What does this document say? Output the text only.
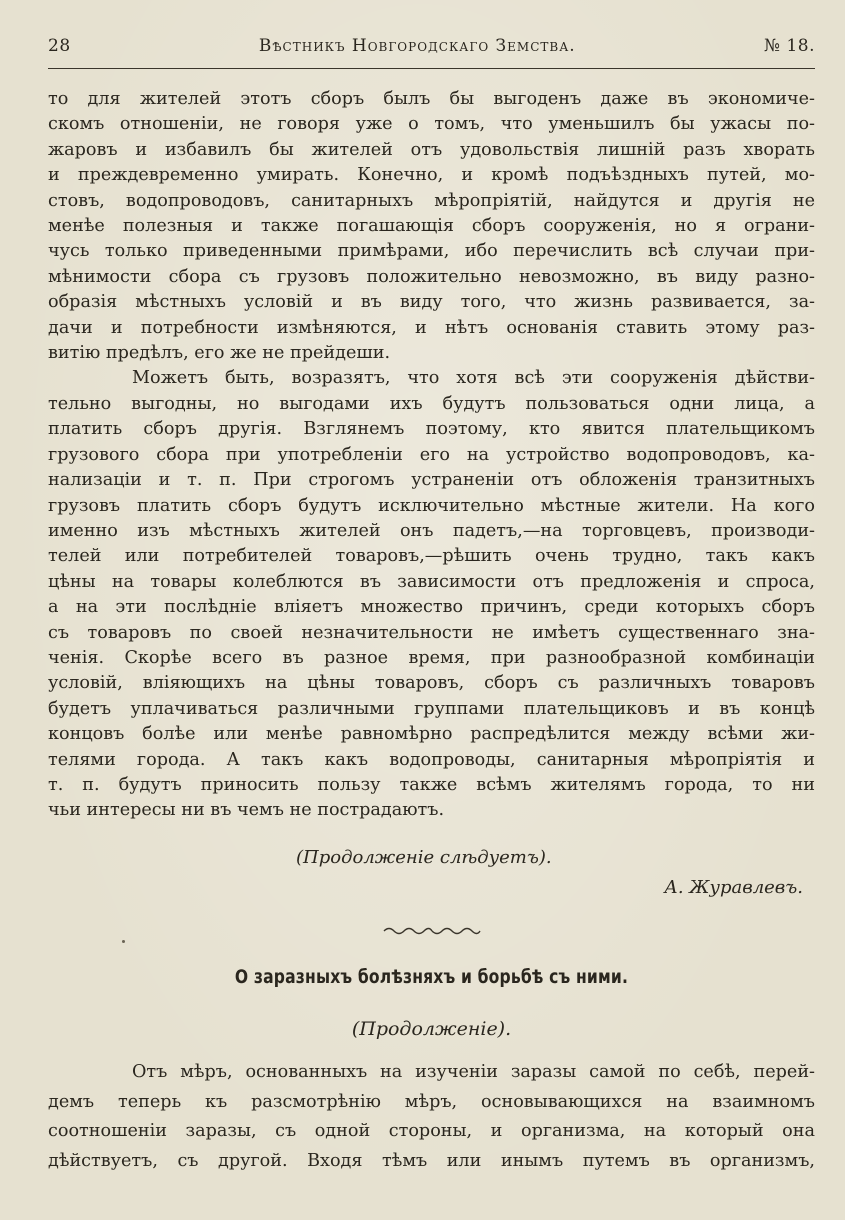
28	Вѣстникъ Новгородскаго Земства.	№ 18.
то для жителей этотъ сборъ былъ бы выгоденъ даже въ экономиче-
скомъ отношеніи, не говоря уже о томъ, что уменьшилъ бы ужасы по-
жаровъ и избавилъ бы жителей отъ удовольствія лишній разъ хворать
и преждевременно умирать. Конечно, и кромѣ подъѣздныхъ путей, мо-
стовъ, водопроводовъ, санитарныхъ мѣропріятій, найдутся и другія не
менѣе полезныя и также погашающія сборъ сооруженія, но я ограни-
чусь только приведенными примѣрами, ибо перечислить всѣ случаи при-
мѣнимости сбора съ грузовъ положительно невозможно, въ виду разно-
образія мѣстныхъ условій и въ виду того, что жизнь развивается, за-
дачи и потребности измѣняются, и нѣтъ основанія ставить этому раз-
витію предѣлъ, его же не прейдеши.
Можетъ быть, возразятъ, что хотя всѣ эти сооруженія дѣйстви-
тельно выгодны, но выгодами ихъ будутъ пользоваться одни лица, а
платить сборъ другія. Взглянемъ поэтому, кто явится плательщикомъ
грузового сбора при употребленіи его на устройство водопроводовъ, ка-
нализаціи и т. п. При строгомъ устраненіи отъ обложенія транзитныхъ
грузовъ платить сборъ будутъ исключительно мѣстные жители. На кого
именно изъ мѣстныхъ жителей онъ падетъ,—на торговцевъ, производи-
телей или потребителей товаровъ,—рѣшить очень трудно, такъ какъ
цѣны на товары колеблются въ зависимости отъ предложенія и спроса,
а на эти послѣдніе вліяетъ множество причинъ, среди которыхъ сборъ
съ товаровъ по своей незначительности не имѣетъ существеннаго зна-
ченія. Скорѣе всего въ разное время, при разнообразной комбинаціи
условій, вліяющихъ на цѣны товаровъ, сборъ съ различныхъ товаровъ
будетъ уплачиваться различными группами плательщиковъ и въ концѣ
концовъ болѣе или менѣе равномѣрно распредѣлится между всѣми жи-
телями города. А такъ какъ водопроводы, санитарныя мѣропріятія и
т. п. будутъ приносить пользу также всѣмъ жителямъ города, то ни
чьи интересы ни въ чемъ не пострадаютъ.
(Продолженіе слѣдуетъ).
А. Журавлевъ.
О заразныхъ болѣзняхъ и борьбѣ съ ними.
(Продолженіе).
Отъ мѣръ, основанныхъ на изученіи заразы самой по себѣ, перей-
демъ теперь къ разсмотрѣнію мѣръ, основывающихся на взаимномъ
соотношеніи заразы, съ одной стороны, и организма, на который она
дѣйствуетъ, съ другой. Входя тѣмъ или инымъ путемъ въ организмъ,
